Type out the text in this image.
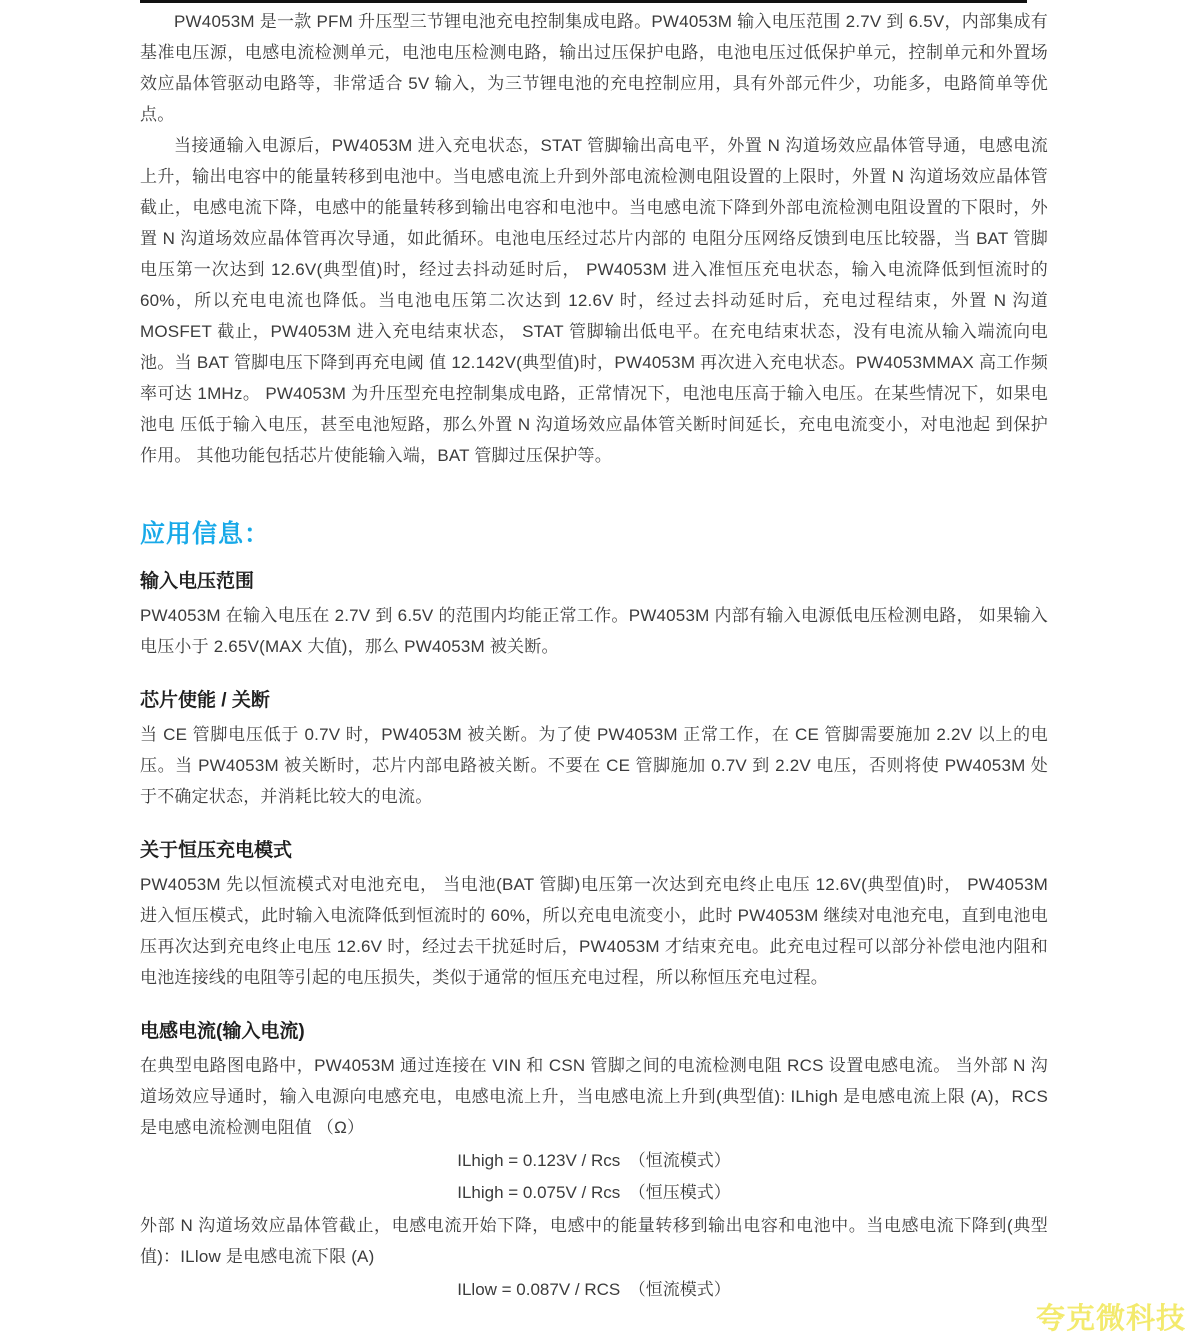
PW4053M 是一款 PFM 升压型三节锂电池充电控制集成电路。PW4053M 输入电压范围 2.7V 到 6.5V，内部集成有基准电压源，电感电流检测单元，电池电压检测电路，输出过压保护电路，电池电压过低保护单元，控制单元和外置场效应晶体管驱动电路等，非常适合 5V 输入，为三节锂电池的充电控制应用，具有外部元件少，功能多，电路简单等优点。

当接通输入电源后，PW4053M 进入充电状态，STAT 管脚输出高电平，外置 N 沟道场效应晶体管导通，电感电流上升，输出电容中的能量转移到电池中。当电感电流上升到外部电流检测电阻设置的上限时，外置 N 沟道场效应晶体管截止，电感电流下降，电感中的能量转移到输出电容和电池中。当电感电流下降到外部电流检测电阻设置的下限时，外置 N 沟道场效应晶体管再次导通，如此循环。电池电压经过芯片内部的 电阻分压网络反馈到电压比较器，当 BAT 管脚电压第一次达到 12.6V(典型值)时，经过去抖动延时后， PW4053M 进入准恒压充电状态，输入电流降低到恒流时的 60%，所以充电电流也降低。当电池电压第二次达到 12.6V 时，经过去抖动延时后，充电过程结束，外置 N 沟道 MOSFET 截止，PW4053M 进入充电结束状态， STAT 管脚输出低电平。在充电结束状态，没有电流从输入端流向电池。当 BAT 管脚电压下降到再充电阈 值 12.142V(典型值)时，PW4053M 再次进入充电状态。PW4053MMAX 高工作频率可达 1MHz。 PW4053M 为升压型充电控制集成电路，正常情况下，电池电压高于输入电压。在某些情况下，如果电池电 压低于输入电压，甚至电池短路，那么外置 N 沟道场效应晶体管关断时间延长，充电电流变小，对电池起 到保护作用。 其他功能包括芯片使能输入端，BAT 管脚过压保护等。

应用信息：
输入电压范围

PW4053M 在输入电压在 2.7V 到 6.5V 的范围内均能正常工作。PW4053M 内部有输入电源低电压检测电路， 如果输入电压小于 2.65V(MAX 大值)，那么 PW4053M 被关断。

芯片使能 / 关断

当 CE 管脚电压低于 0.7V 时，PW4053M 被关断。为了使 PW4053M 正常工作，在 CE 管脚需要施加 2.2V 以上的电压。当 PW4053M 被关断时，芯片内部电路被关断。不要在 CE 管脚施加 0.7V 到 2.2V 电压，否则将使 PW4053M 处于不确定状态，并消耗比较大的电流。

关于恒压充电模式

PW4053M 先以恒流模式对电池充电， 当电池(BAT 管脚)电压第一次达到充电终止电压 12.6V(典型值)时， PW4053M 进入恒压模式，此时输入电流降低到恒流时的 60%，所以充电电流变小，此时 PW4053M 继续对电池充电，直到电池电压再次达到充电终止电压 12.6V 时，经过去干扰延时后，PW4053M 才结束充电。此充电过程可以部分补偿电池内阻和电池连接线的电阻等引起的电压损失，类似于通常的恒压充电过程，所以称恒压充电过程。

电感电流(输入电流)

在典型电路图电路中，PW4053M 通过连接在 VIN 和 CSN 管脚之间的电流检测电阻 RCS 设置电感电流。 当外部 N 沟道场效应导通时，输入电源向电感充电，电感电流上升，当电感电流上升到(典型值): ILhigh 是电感电流上限 (A)，RCS 是电感电流检测电阻值 （Ω）

ILhigh = 0.123V / Rcs　（恒流模式）
ILhigh = 0.075V / Rcs　（恒压模式）

外部 N 沟道场效应晶体管截止，电感电流开始下降，电感中的能量转移到输出电容和电池中。当电感电流下降到(典型值)：ILlow 是电感电流下限 (A)

ILlow = 0.087V / RCS　（恒流模式）
夸克微科技
